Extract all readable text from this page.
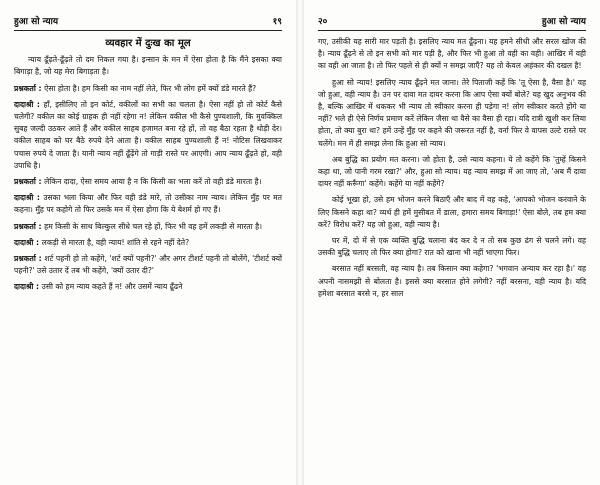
हुआ सो न्याय	१९
व्यवहार में दुःख का मूल

न्याय ढूँढ़ते-ढूँढ़ते तो दम निकल गया है। इन्सान के मन में ऐसा होता है कि मैंने इसका क्या बिगाड़ा है, जो यह मेरा बिगाड़ता है।

प्रश्नकर्ता : ऐसा होता है। हम किसी का नाम नहीं लेते, फिर भी लोग हमें क्यों डंडे मारते हैं?

दादाश्री : हाँ, इसीलिए तो इन कोर्ट, वकीलों का सभी का चलता है। ऐसा नहीं हो तो कोर्ट कैसे चलेगी? वकील का कोई ग्राहक ही नहीं रहेगा न! लेकिन वकील भी कैसे पुण्यशाली, कि मुवक्किल सुबह जल्दी उठकर आते हैं और वकील साहब हजामत बना रहे हों, तो वह बैठा रहता है थोड़ी देर। वकील साहब को घर बैठे रुपये देने आता है। वकील साहब पुण्यशाली हैं न! नोटिस लिखवाकर पचास रुपये दे जाता है। यानी न्याय नहीं ढूँढ़ेंगे तो गाड़ी रास्ते पर आएगी। आप न्याय ढूँढ़ते हो, वही उपाधि है।

प्रश्नकर्ता : लेकिन दादा, ऐसा समय आया है न कि किसी का भला करें तो वही डंडे मारता है।

दादाश्री : उसका भला किया और फिर वही डंडे मारे, तो उसीका नाम न्याय। लेकिन मुँह पर मत कहना। मुँह पर कहोगे तो फिर उसके मन में ऐसा होगा कि ये बेशर्म हो गए हैं।

प्रश्नकर्ता : हम किसी के साथ बिल्कुल सीधे चल रहे हों, फिर भी वह हमें लकड़ी से मारता है।

दादाश्री : लकड़ी से मारता है, वही न्याय! शांति से रहने नहीं देते?

प्रश्नकर्ता : शर्ट पहनी हो तो कहेंगे, 'शर्ट क्यों पहनी?' और अगर टीशर्ट पहनी तो बोलेंगे, 'टीशर्ट क्यों पहनी?' उसे उतार दें तब भी कहेंगे, 'क्यों उतार दी?'

दादाश्री : उसी को हम न्याय कहते हैं न! और उसमें न्याय ढूँढने

२०	हुआ सो न्याय

गए, उसीकी यह सारी मार पड़ती है। इसलिए न्याय मत ढूँढ़ना। यह हमने सीधी और सरल खोज की है। न्याय ढूँढ़ने से तो इन सभी को मार पड़ी है, और फिर भी हुआ तो वही का वही। आखिर में वही का वही आ जाता है। तो फिर पहले से ही क्यों न समझ जाएँ? यह तो केवल अहंकार की दखल है!

हुआ सो न्याय! इसलिए न्याय ढूँढ़ने मत जाना। तेरे पिताजी कहें कि 'तू ऐसा है, वैसा है।' वह जो हुआ, वही न्याय है। उन पर दावा मत दायर करना कि आप ऐसा क्यों बोले? यह खुद अनुभव की है, बल्कि आखिर में थककर भी न्याय तो स्वीकार करना ही पड़ेगा न! लोग स्वीकार करते होंगे या नहीं? भले ही ऐसे निर्णय प्रमाण करें लेकिन जैसा था वैसे का वैसा ही रहा। यदि रात्री खुशी कर लिया होता, तो क्या बुरा था? हमें उन्हें मुँह पर कहने की जरूरत नहीं है, वर्ना फिर वे वापस उल्टे रास्ते पर चलेंगे। मन में ही समझ लेना कि हुआ सो न्याय।

अब बुद्धि का प्रयोग मत करना। जो होता है, उसे न्याय कहना। ये तो कहेंगे कि 'तुम्हें किसने कहा था, जो पानी गरम रखा?' और, हुआ सो न्याय। यह न्याय समझ में आ जाए तो, 'अब मैं दावा दायर नहीं करूँगा' कहेंगे। कहेंगे या नहीं कहेंगे?

कोई भूखा हो, उसे हम भोजन करने बिठाएँ और बाद में वह कहे, 'आपको भोजन करवाने के लिए किसने कहा था? व्यर्थ ही हमें मुसीबत में डाला, हमारा समय बिगाड़ा!' ऐसा बोले, तब हम क्या करें? विरोध करें? यह जो हुआ, वही न्याय है।

घर में, दो में से एक व्यक्ति बुद्धि चलाना बंद कर दे न तो सब कुछ ढंग से चलने लगे। वह उसकी बुद्धि चलाए तो फिर क्या होगा? रात को खाना भी नहीं भाएगा फिर।

बरसात नहीं बरसती, वह न्याय है। तब किसान क्या कहेगा? 'भगवान अन्याय कर रहा है।' वह अपनी नासमझी से बोलता है। इससे क्या बरसात होने लगेगी? नहीं बरसना, वही न्याय है। यदि हमेशा बरसात बरसे न, हर साल
